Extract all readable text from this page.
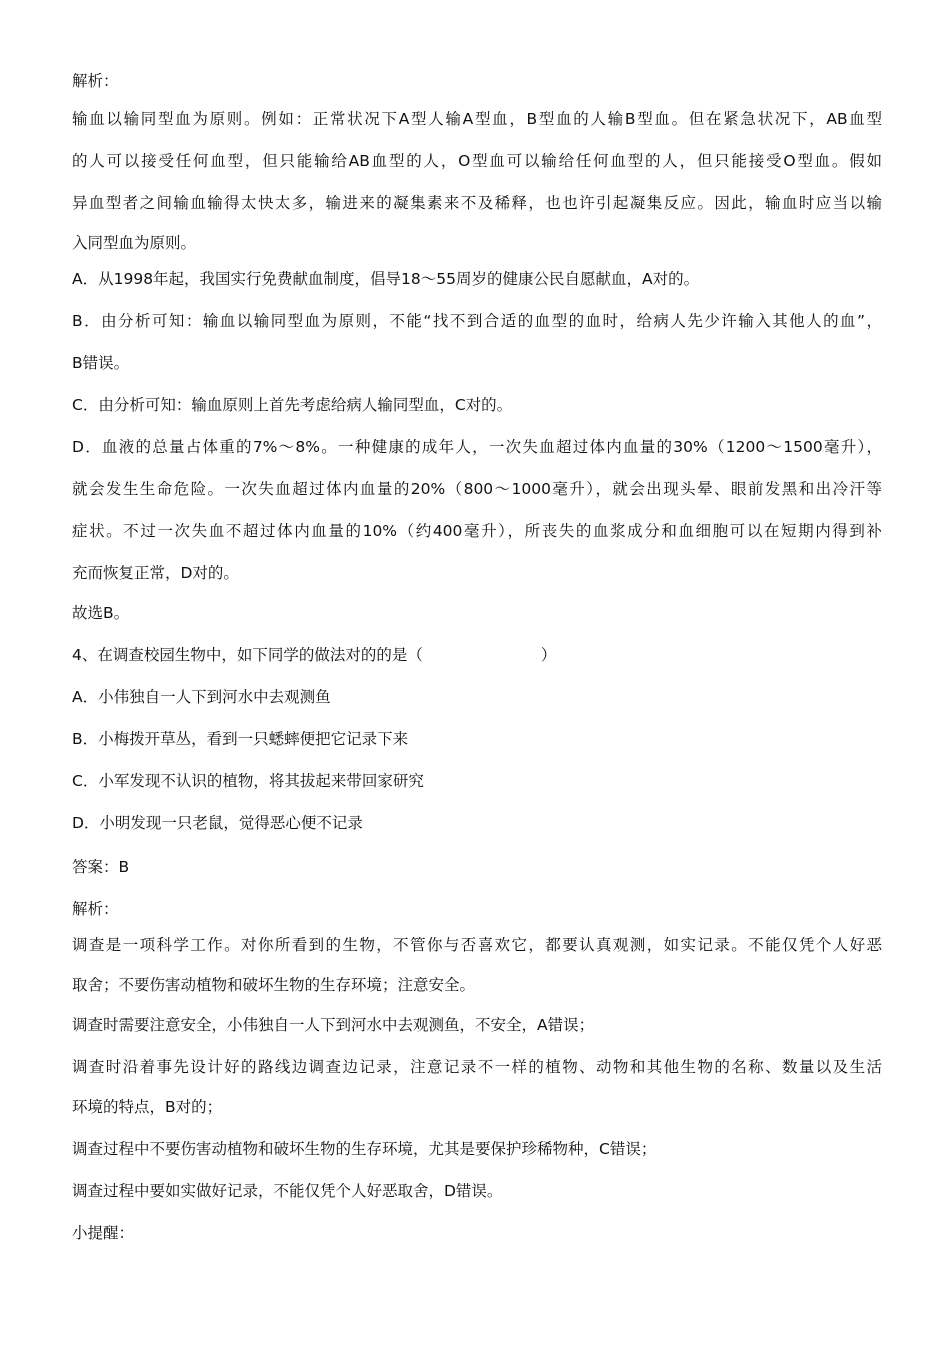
解析：
输血以输同型血为原则。例如：正常状况下A型人输A型血，B型血的人输B型血。但在紧急状况下，AB血型
的人可以接受任何血型，但只能输给AB血型的人，O型血可以输给任何血型的人，但只能接受O型血。假如
异血型者之间输血输得太快太多，输进来的凝集素来不及稀释，也也许引起凝集反应。因此，输血时应当以输
入同型血为原则。
A．从1998年起，我国实行免费献血制度，倡导18～55周岁的健康公民自愿献血，A对的。
B．由分析可知：输血以输同型血为原则，不能“找不到合适的血型的血时，给病人先少许输入其他人的血”，
B错误。
C．由分析可知：输血原则上首先考虑给病人输同型血，C对的。
D．血液的总量占体重的7%～8%。一种健康的成年人，一次失血超过体内血量的30%（1200～1500毫升），
就会发生生命危险。一次失血超过体内血量的20%（800～1000毫升），就会出现头晕、眼前发黑和出冷汗等
症状。不过一次失血不超过体内血量的10%（约400毫升），所丧失的血浆成分和血细胞可以在短期内得到补
充而恢复正常，D对的。
故选B。
4、在调查校园生物中，如下同学的做法对的的是（	）
A．小伟独自一人下到河水中去观测鱼
B．小梅拨开草丛，看到一只蟋蟀便把它记录下来
C．小军发现不认识的植物，将其拔起来带回家研究
D．小明发现一只老鼠，觉得恶心便不记录
答案：B
解析：
调查是一项科学工作。对你所看到的生物，不管你与否喜欢它，都要认真观测，如实记录。不能仅凭个人好恶
取舍；不要伤害动植物和破坏生物的生存环境；注意安全。
调查时需要注意安全，小伟独自一人下到河水中去观测鱼，不安全，A错误；
调查时沿着事先设计好的路线边调查边记录，注意记录不一样的植物、动物和其他生物的名称、数量以及生活
环境的特点，B对的；
调查过程中不要伤害动植物和破坏生物的生存环境，尤其是要保护珍稀物种，C错误；
调查过程中要如实做好记录，不能仅凭个人好恶取舍，D错误。
小提醒：
